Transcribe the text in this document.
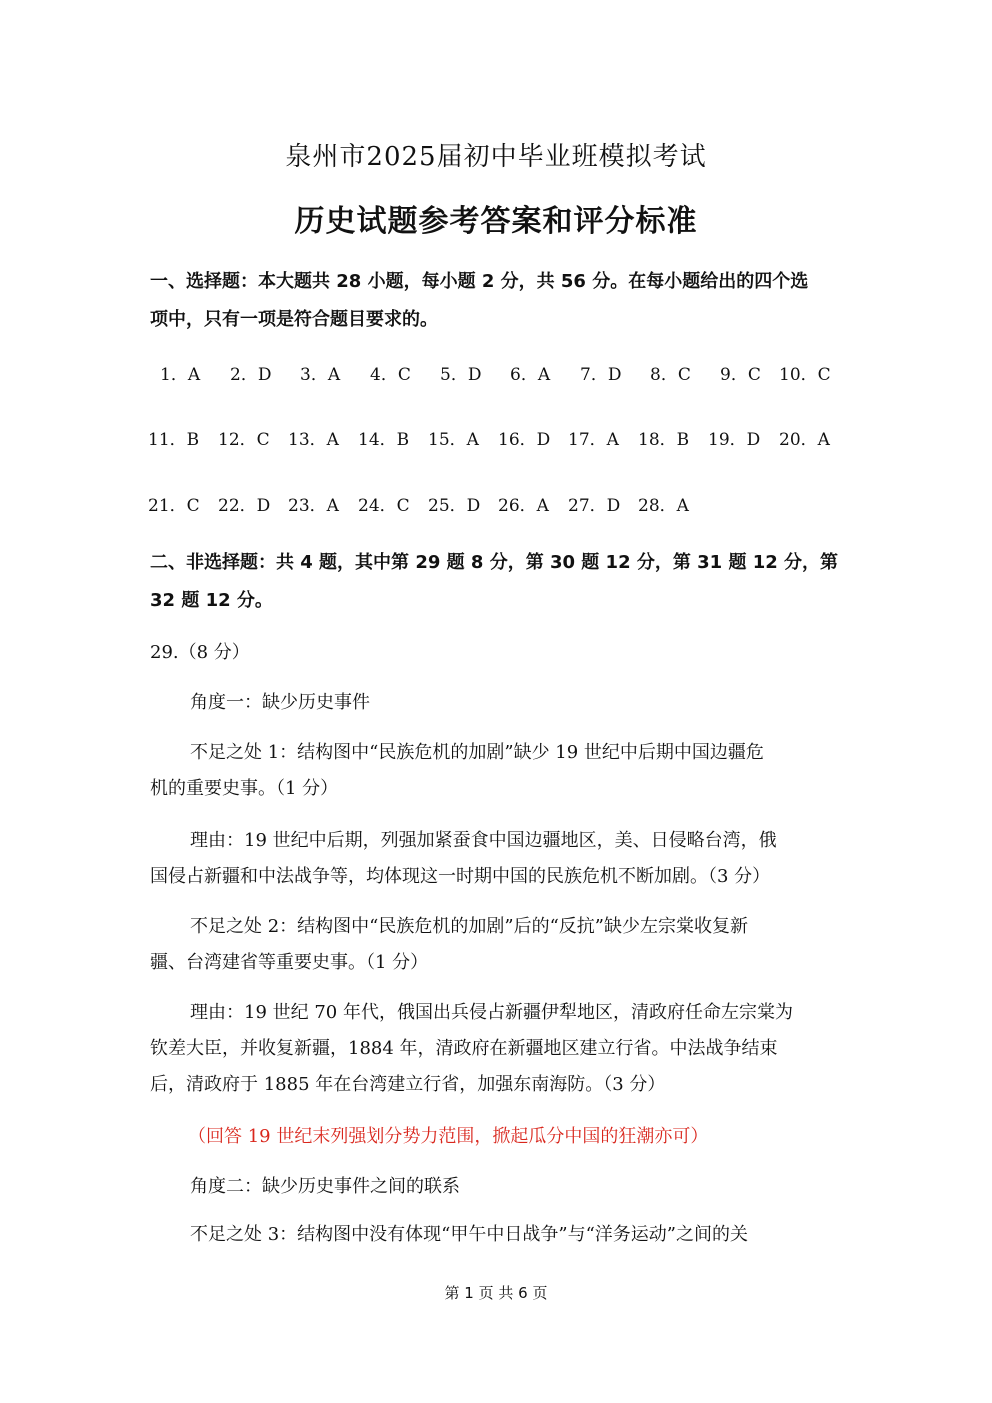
泉州市2025届初中毕业班模拟考试
历史试题参考答案和评分标准
一、选择题：本大题共 28 小题，每小题 2 分，共 56 分。在每小题给出的四个选
项中，只有一项是符合题目要求的。
1．A 2．D 3．A 4．C 5．D 6．A 7．D 8．C 9．C 10．C
11．B 12．C 13．A 14．B 15．A 16．D 17．A 18．B 19．D 20．A
21．C 22．D 23．A 24．C 25．D 26．A 27．D 28．A
二、非选择题：共 4 题，其中第 29 题 8 分，第 30 题 12 分，第 31 题 12 分，第
32 题 12 分。
29.（8 分）
角度一：缺少历史事件
不足之处 1：结构图中“民族危机的加剧”缺少 19 世纪中后期中国边疆危
机的重要史事。（1 分）
理由：19 世纪中后期，列强加紧蚕食中国边疆地区，美、日侵略台湾，俄
国侵占新疆和中法战争等，均体现这一时期中国的民族危机不断加剧。（3 分）
不足之处 2：结构图中“民族危机的加剧”后的“反抗”缺少左宗棠收复新
疆、台湾建省等重要史事。（1 分）
理由：19 世纪 70 年代，俄国出兵侵占新疆伊犁地区，清政府任命左宗棠为
钦差大臣，并收复新疆，1884 年，清政府在新疆地区建立行省。中法战争结束
后，清政府于 1885 年在台湾建立行省，加强东南海防。（3 分）
（回答 19 世纪末列强划分势力范围，掀起瓜分中国的狂潮亦可）
角度二：缺少历史事件之间的联系
不足之处 3：结构图中没有体现“甲午中日战争”与“洋务运动”之间的关
第 1 页 共 6 页
